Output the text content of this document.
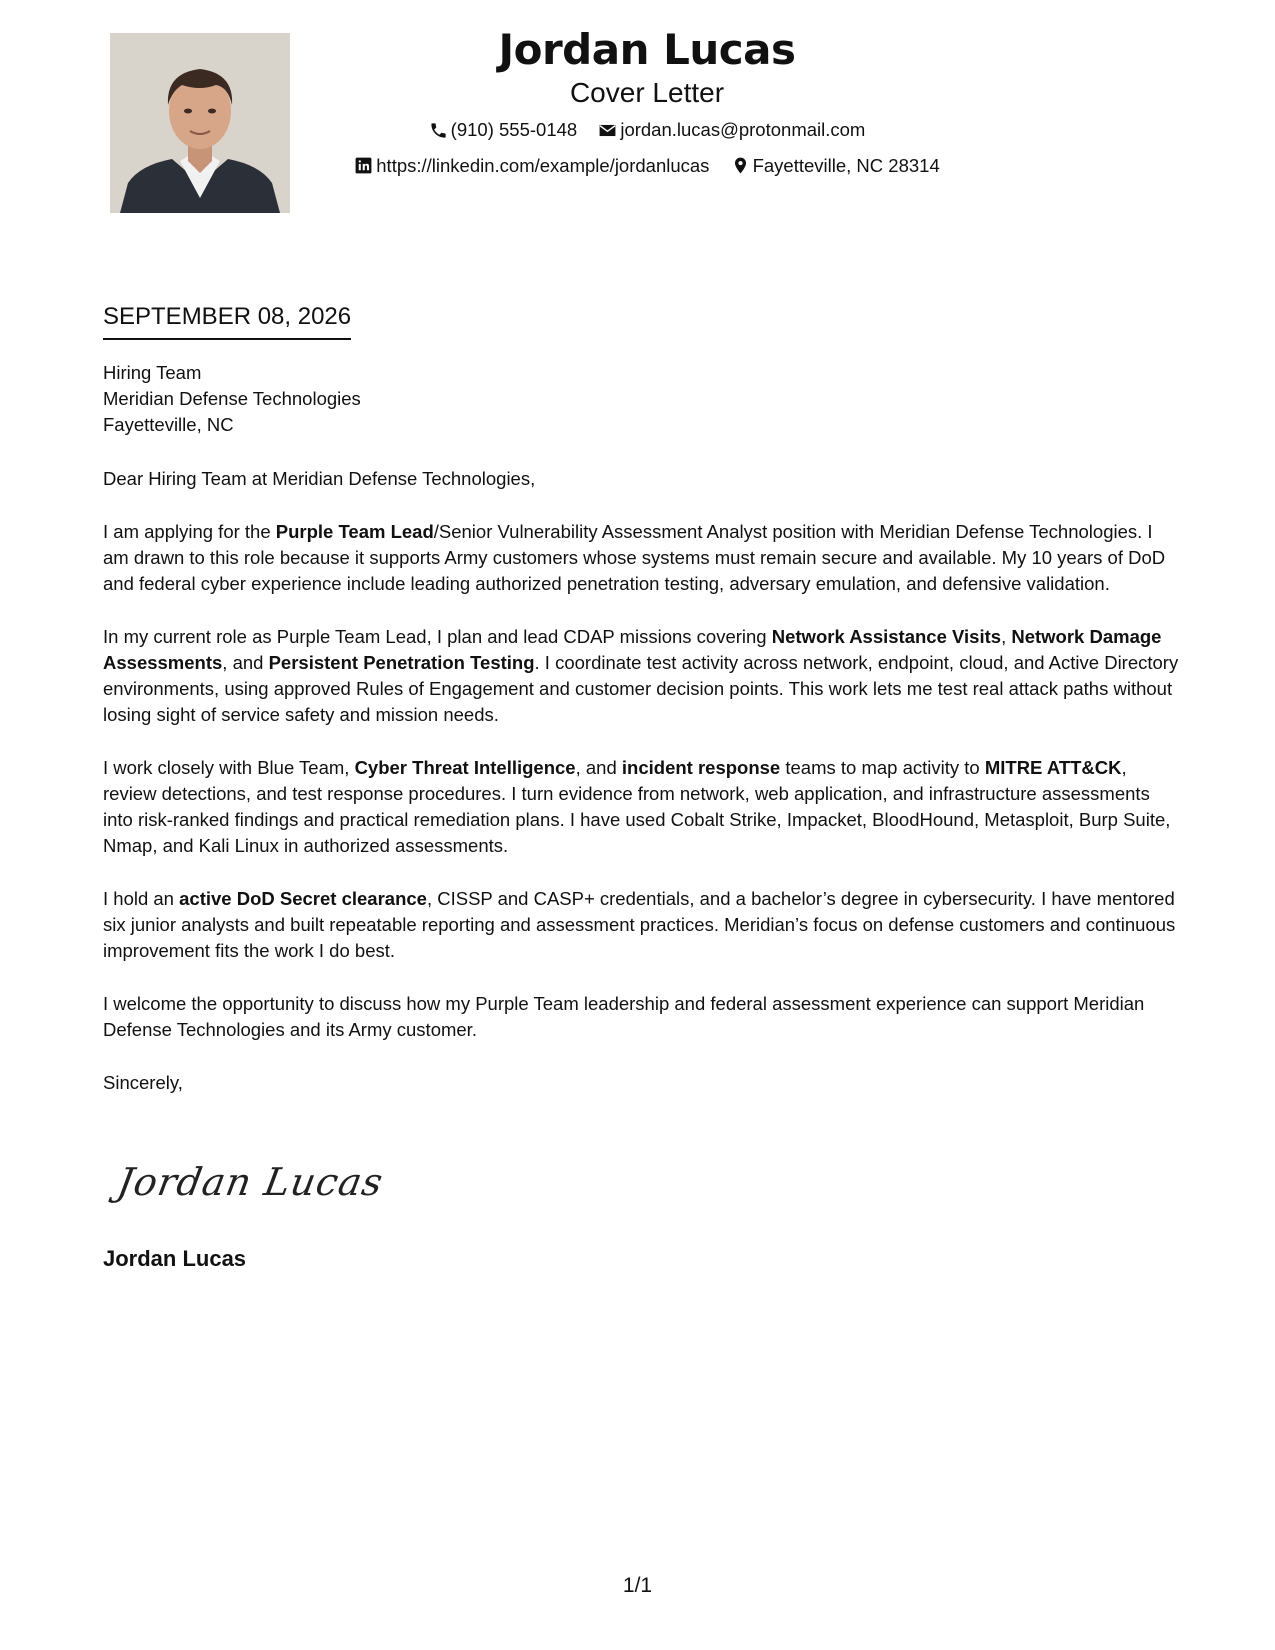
Jordan Lucas
Cover Letter
(910) 555-0148
jordan.lucas@protonmail.com
https://linkedin.com/example/jordanlucas
Fayetteville, NC 28314
SEPTEMBER 08, 2026
Hiring Team
Meridian Defense Technologies
Fayetteville, NC

Dear Hiring Team at Meridian Defense Technologies,

I am applying for the Purple Team Lead/Senior Vulnerability Assessment Analyst position with Meridian Defense Technologies. I am drawn to this role because it supports Army customers whose systems must remain secure and available. My 10 years of DoD and federal cyber experience include leading authorized penetration testing, adversary emulation, and defensive validation.

In my current role as Purple Team Lead, I plan and lead CDAP missions covering Network Assistance Visits, Network Damage Assessments, and Persistent Penetration Testing. I coordinate test activity across network, endpoint, cloud, and Active Directory environments, using approved Rules of Engagement and customer decision points. This work lets me test real attack paths without losing sight of service safety and mission needs.

I work closely with Blue Team, Cyber Threat Intelligence, and incident response teams to map activity to MITRE ATT&CK, review detections, and test response procedures. I turn evidence from network, web application, and infrastructure assessments into risk-ranked findings and practical remediation plans. I have used Cobalt Strike, Impacket, BloodHound, Metasploit, Burp Suite, Nmap, and Kali Linux in authorized assessments.

I hold an active DoD Secret clearance, CISSP and CASP+ credentials, and a bachelor’s degree in cybersecurity. I have mentored six junior analysts and built repeatable reporting and assessment practices. Meridian’s focus on defense customers and continuous improvement fits the work I do best.

I welcome the opportunity to discuss how my Purple Team leadership and federal assessment experience can support Meridian Defense Technologies and its Army customer.

Sincerely,

Jordan Lucas
Jordan Lucas
1/1
